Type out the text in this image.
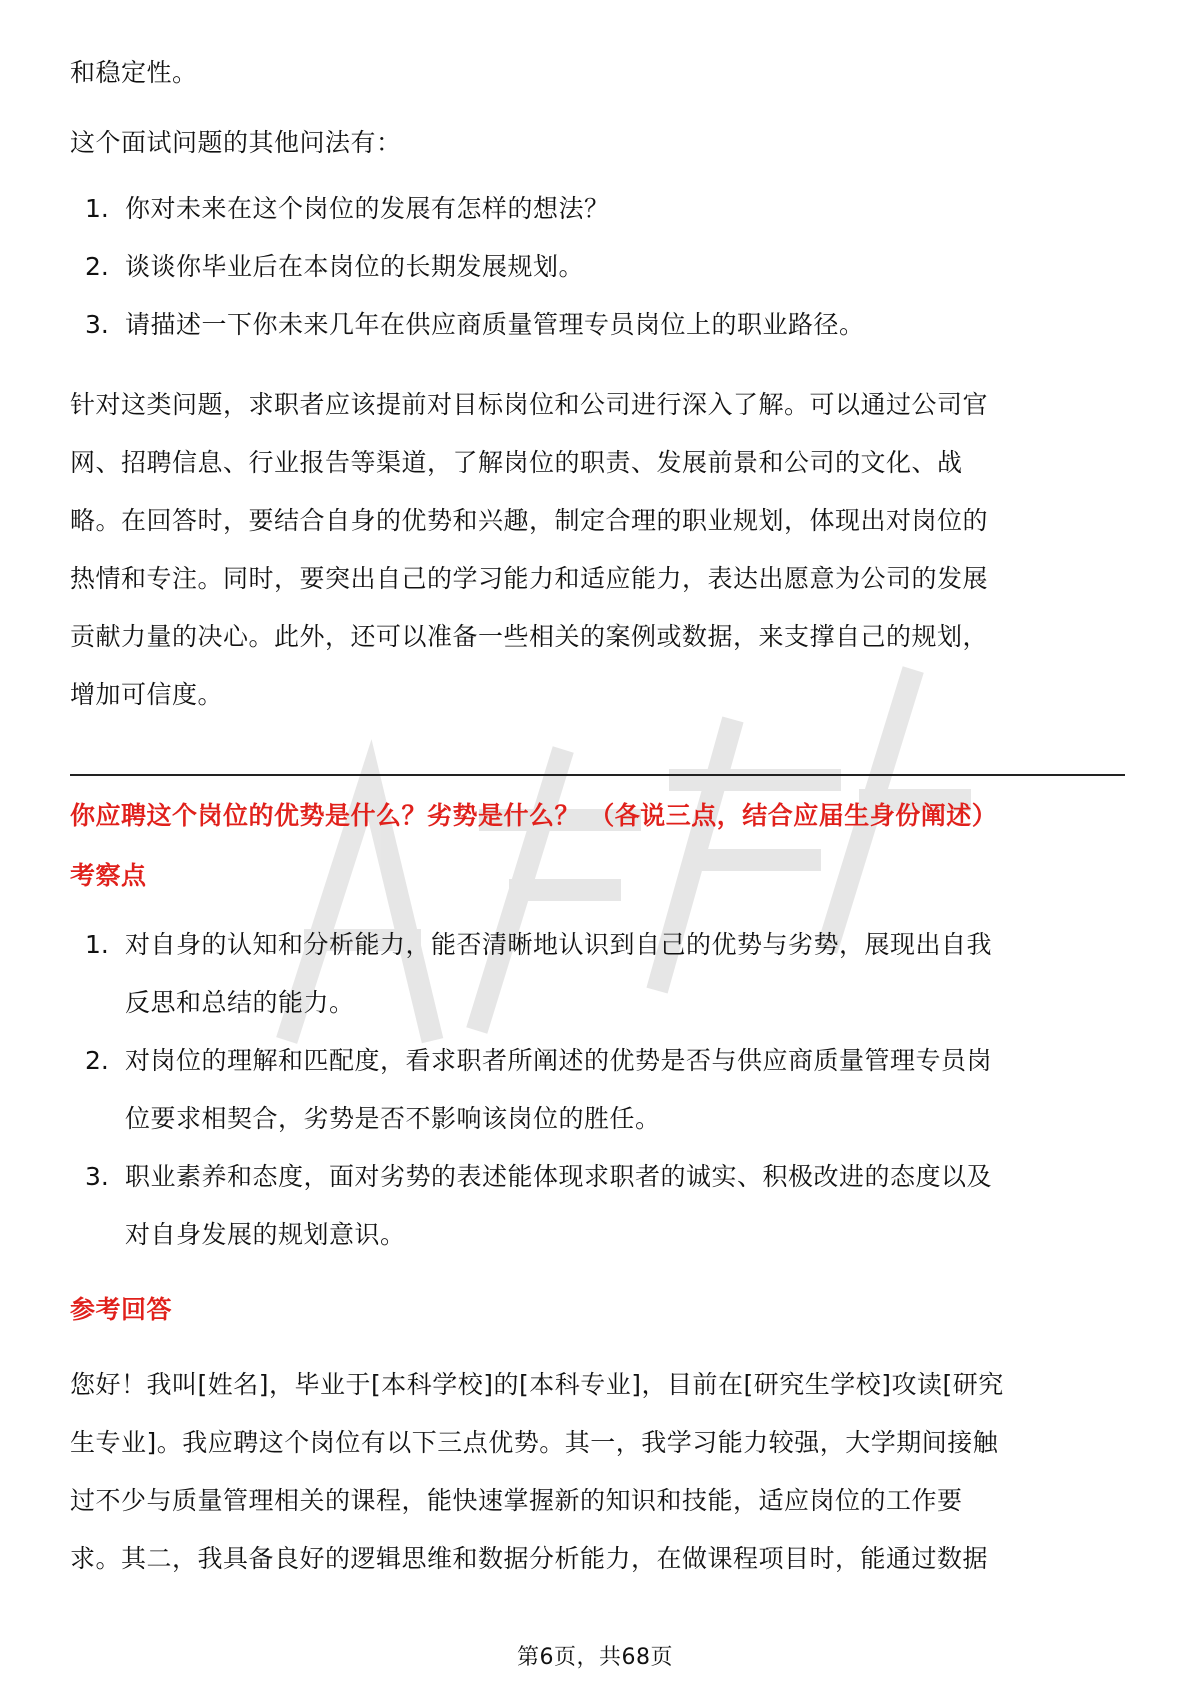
和稳定性。

这个面试问题的其他问法有：

1. 你对未来在这个岗位的发展有怎样的想法？
2. 谈谈你毕业后在本岗位的长期发展规划。
3. 请描述一下你未来几年在供应商质量管理专员岗位上的职业路径。

针对这类问题，求职者应该提前对目标岗位和公司进行深入了解。可以通过公司官

网、招聘信息、行业报告等渠道，了解岗位的职责、发展前景和公司的文化、战

略。在回答时，要结合自身的优势和兴趣，制定合理的职业规划，体现出对岗位的

热情和专注。同时，要突出自己的学习能力和适应能力，表达出愿意为公司的发展

贡献力量的决心。此外，还可以准备一些相关的案例或数据，来支撑自己的规划，

增加可信度。

你应聘这个岗位的优势是什么？劣势是什么？ （各说三点，结合应届生身份阐述）

考察点

1. 对自身的认知和分析能力，能否清晰地认识到自己的优势与劣势，展现出自我

反思和总结的能力。

2. 对岗位的理解和匹配度，看求职者所阐述的优势是否与供应商质量管理专员岗

位要求相契合，劣势是否不影响该岗位的胜任。

3. 职业素养和态度，面对劣势的表述能体现求职者的诚实、积极改进的态度以及

对自身发展的规划意识。

参考回答

您好！我叫[姓名]，毕业于[本科学校]的[本科专业]，目前在[研究生学校]攻读[研究

生专业]。我应聘这个岗位有以下三点优势。其一，我学习能力较强，大学期间接触

过不少与质量管理相关的课程，能快速掌握新的知识和技能，适应岗位的工作要

求。其二，我具备良好的逻辑思维和数据分析能力，在做课程项目时，能通过数据

第6页，共68页
